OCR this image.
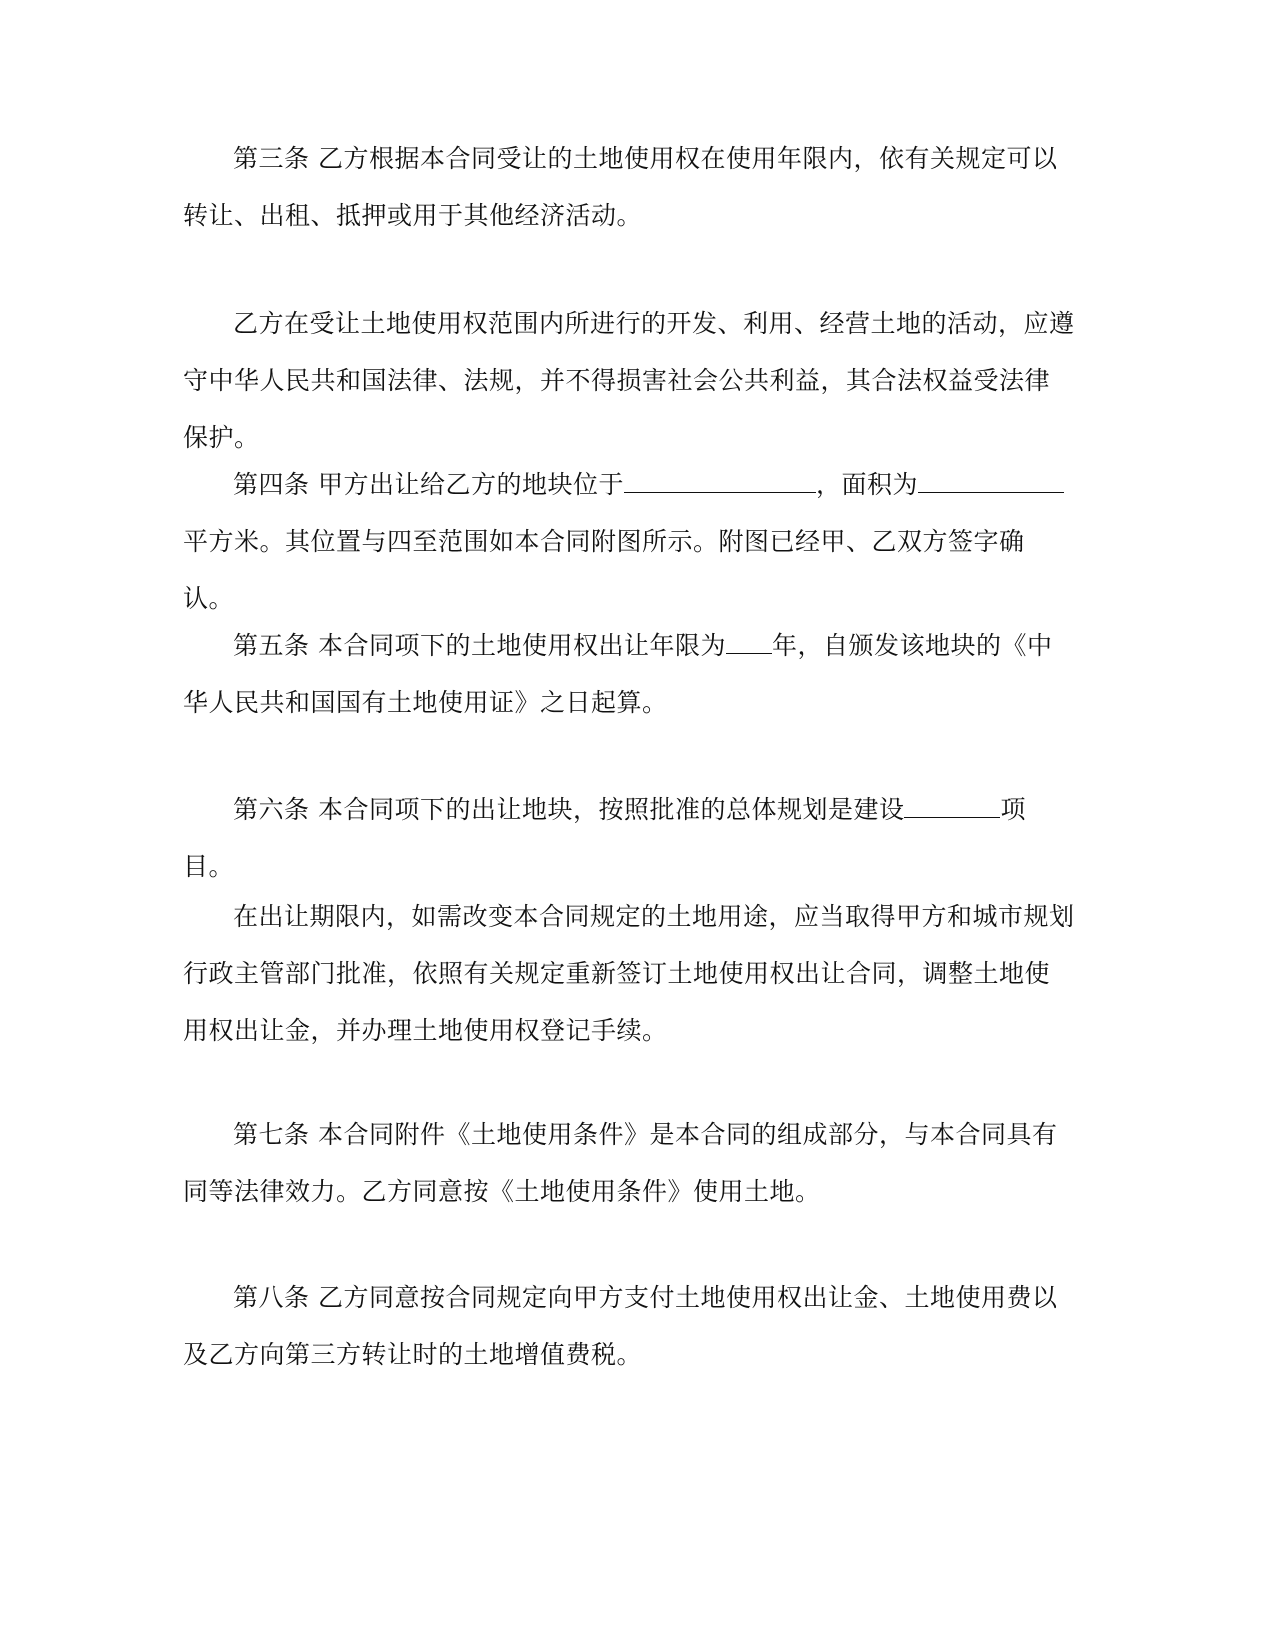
第三条 乙方根据本合同受让的土地使用权在使用年限内，依有关规定可以转让、出租、抵押或用于其他经济活动。

乙方在受让土地使用权范围内所进行的开发、利用、经营土地的活动，应遵守中华人民共和国法律、法规，并不得损害社会公共利益，其合法权益受法律保护。

第四条 甲方出让给乙方的地块位于	，面积为平方米。其位置与四至范围如本合同附图所示。附图已经甲、乙双方签字确认。

第五条 本合同项下的土地使用权出让年限为 年，自颁发该地块的《中华人民共和国国有土地使用证》之日起算。

第六条 本合同项下的出让地块，按照批准的总体规划是建设	项目。

在出让期限内，如需改变本合同规定的土地用途，应当取得甲方和城市规划行政主管部门批准，依照有关规定重新签订土地使用权出让合同，调整土地使用权出让金，并办理土地使用权登记手续。

第七条 本合同附件《土地使用条件》是本合同的组成部分，与本合同具有同等法律效力。乙方同意按《土地使用条件》使用土地。

第八条 乙方同意按合同规定向甲方支付土地使用权出让金、土地使用费以及乙方向第三方转让时的土地增值费税。
